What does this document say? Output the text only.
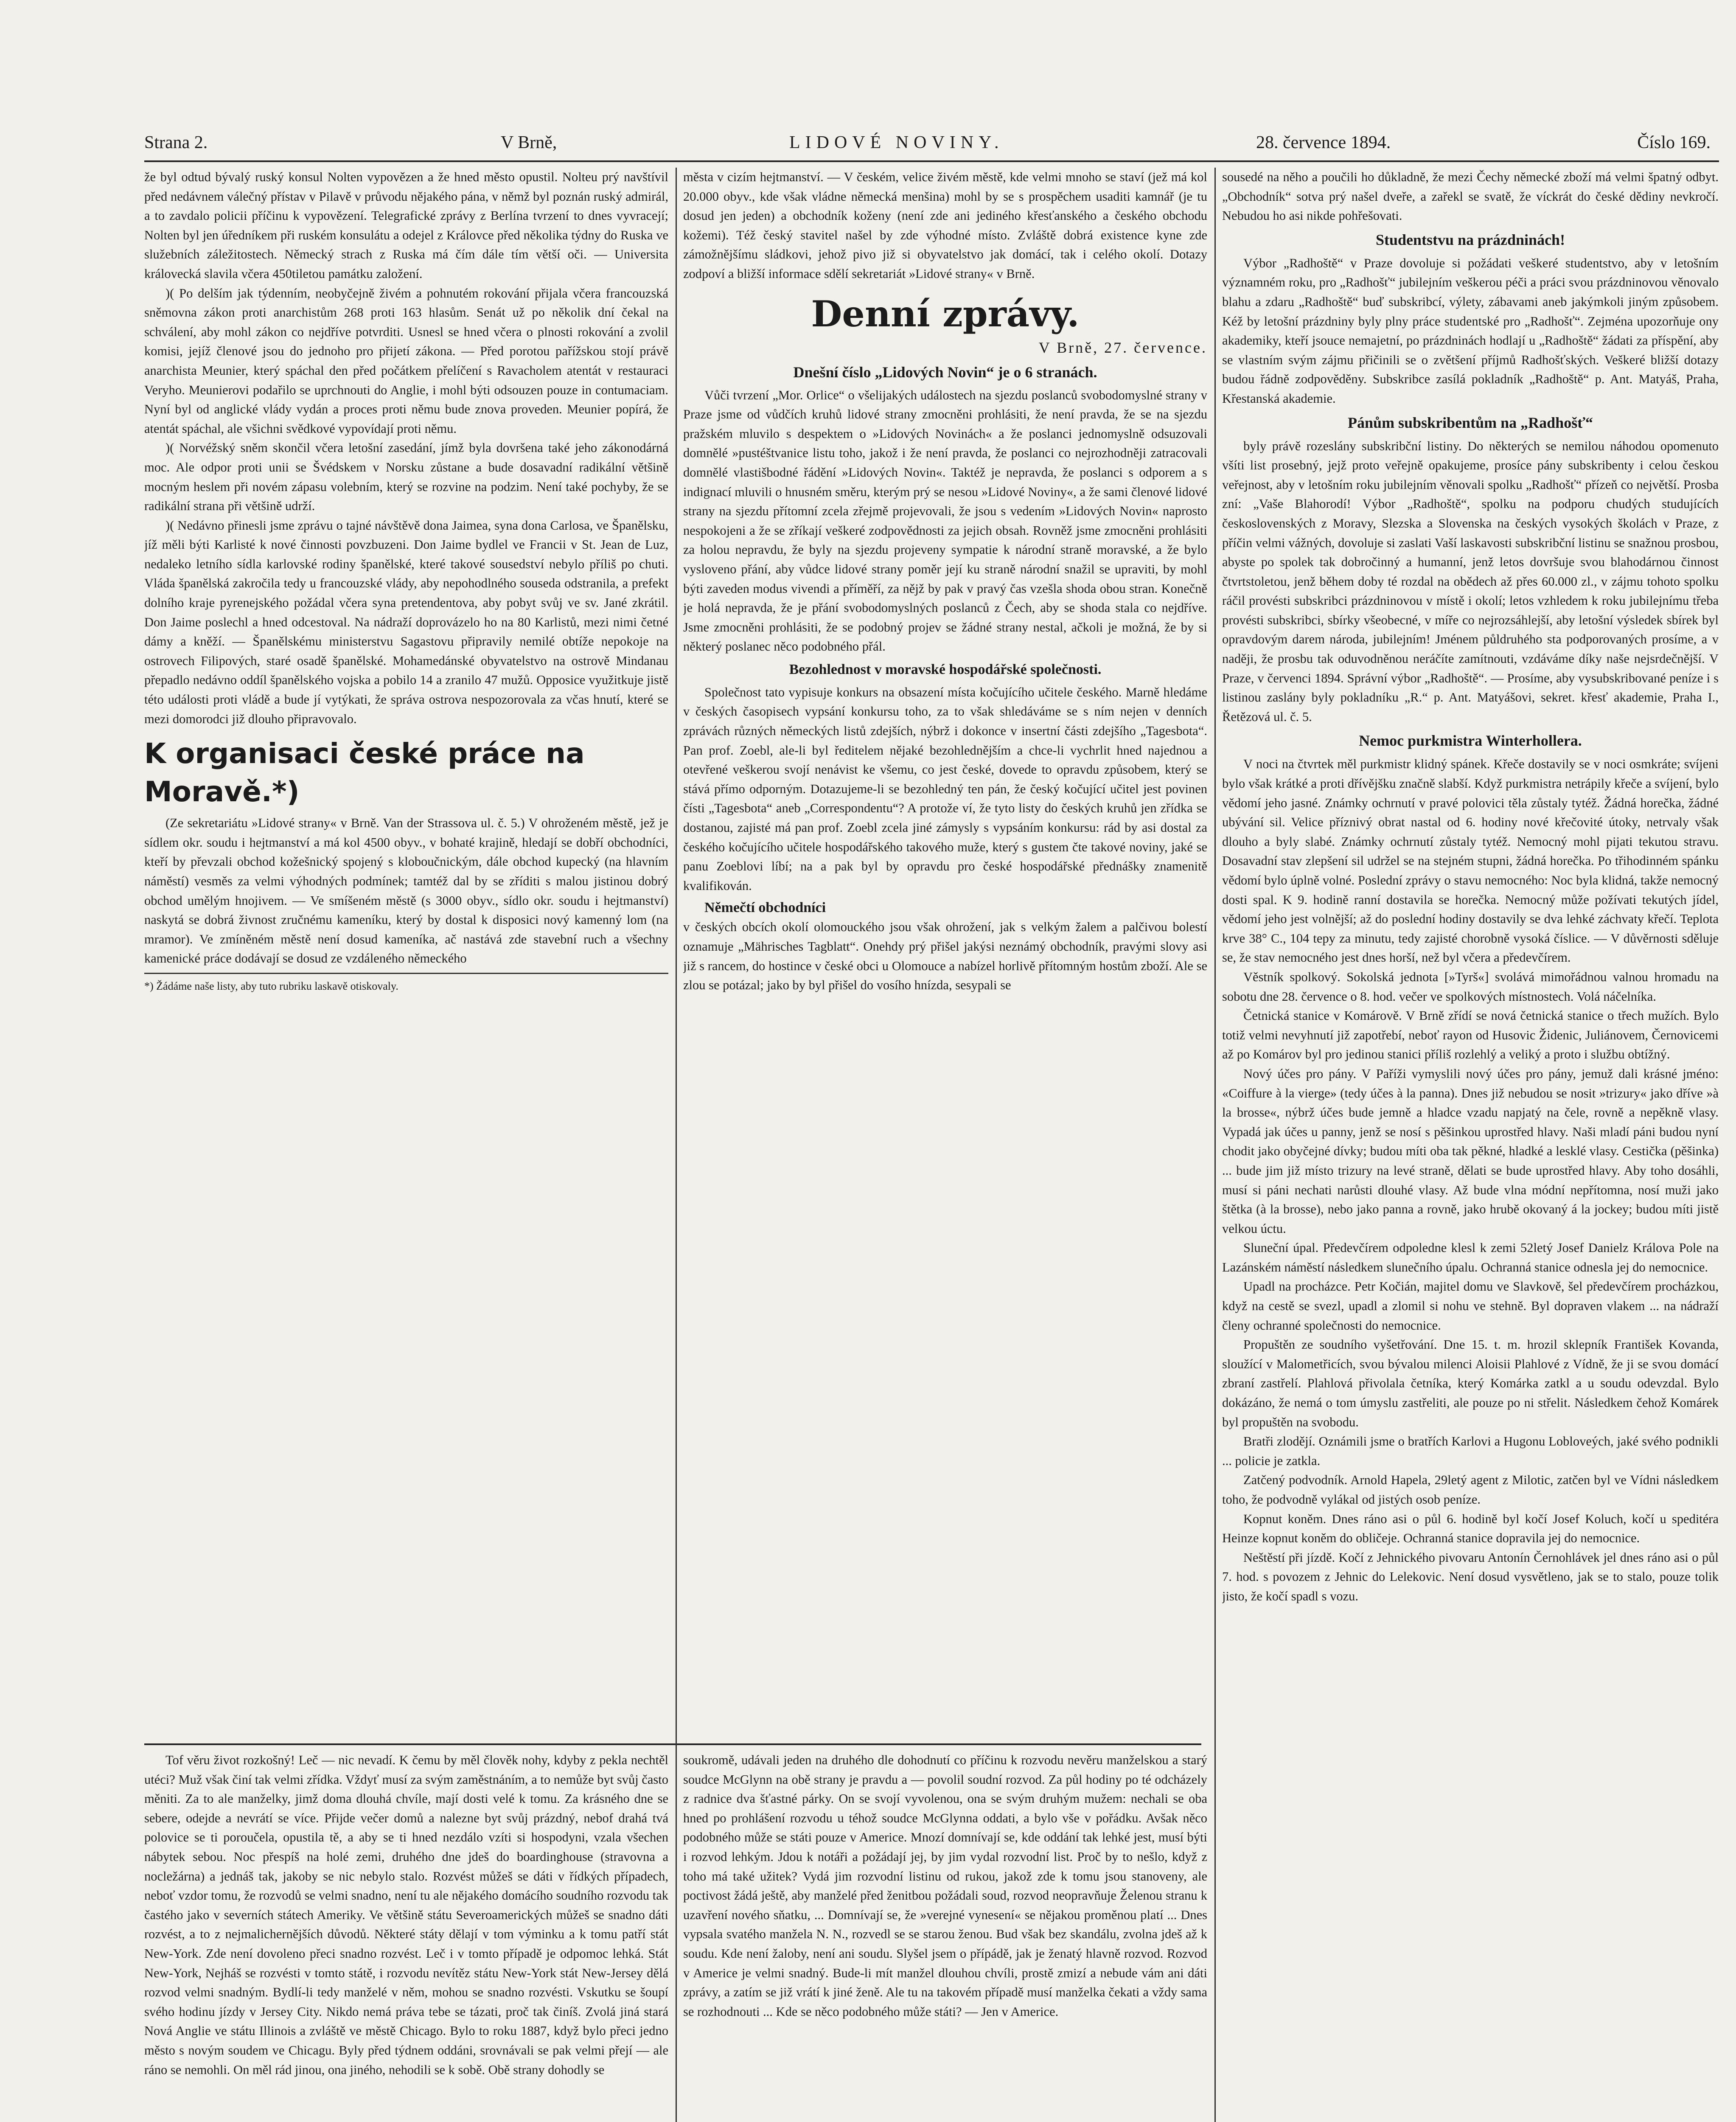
Strana 2.	V Brně,	LIDOVÉ NOVINY.	28. července 1894.	Číslo 169.

že byl odtud bývalý ruský konsul Nolten vypovězen a že hned město opustil. Nolteu prý navštívil před nedávnem válečný přístav v Pilavě v průvodu nějakého pána, v němž byl poznán ruský admirál, a to zavdalo policii příčinu k vypovězení. Telegrafické zprávy z Berlína tvrzení to dnes vyvracejí; Nolten byl jen úředníkem při ruském konsulátu a odejel z Královce před několika týdny do Ruska ve služebních záležitostech. Německý strach z Ruska má čím dále tím větší oči. — Universita královecká slavila včera 450tiletou památku založení.

)( Po delším jak týdenním, neobyčejně živém a pohnutém rokování přijala včera francouzská sněmovna zákon proti anarchistům 268 proti 163 hlasům. Senát už po několik dní čekal na schválení, aby mohl zákon co nejdříve potvrditi. Usnesl se hned včera o plnosti rokování a zvolil komisi, jejíž členové jsou do jednoho pro přijetí zákona. — Před porotou pařížskou stojí právě anarchista Meunier, který spáchal den před počátkem přelíčení s Ravacholem atentát v restauraci Veryho. Meunierovi podařilo se uprchnouti do Anglie, i mohl býti odsouzen pouze in contumaciam. Nyní byl od anglické vlády vydán a proces proti němu bude znova proveden. Meunier popírá, že atentát spáchal, ale všichni svědkové vypovídají proti němu.

)( Norvéžský sněm skončil včera letošní zasedání, jímž byla dovršena také jeho zákonodárná moc. Ale odpor proti unii se Švédskem v Norsku zůstane a bude dosavadní radikální většině mocným heslem při novém zápasu volebním, který se rozvine na podzim. Není také pochyby, že se radikální strana při většině udrží.

)( Nedávno přinesli jsme zprávu o tajné návštěvě dona Jaimea, syna dona Carlosa, ve Španělsku, jíž měli býti Karlisté k nové činnosti povzbuzeni. Don Jaime bydlel ve Francii v St. Jean de Luz, nedaleko letního sídla karlovské rodiny španělské, které takové sousedství nebylo příliš po chuti. Vláda španělská zakročila tedy u francouzské vlády, aby nepohodlného souseda odstranila, a prefekt dolního kraje pyrenejského požádal včera syna pretendentova, aby pobyt svůj ve sv. Jané zkrátil. Don Jaime poslechl a hned odcestoval. Na nádraží doprovázelo ho na 80 Karlistů, mezi nimi četné dámy a kněží. — Španělskému ministerstvu Sagastovu připravily nemilé obtíže nepokoje na ostrovech Filipových, staré osadě španělské. Mohamedánské obyvatelstvo na ostrově Mindanau přepadlo nedávno oddíl španělského vojska a pobilo 14 a zranilo 47 mužů. Opposice využitkuje jistě této události proti vládě a bude jí vytýkati, že správa ostrova nespozorovala za včas hnutí, které se mezi domorodci již dlouho připravovalo.

K organisaci české práce na Moravě.*)

(Ze sekretariátu »Lidové strany« v Brně. Van der Strassova ul. č. 5.) V ohroženém městě, jež je sídlem okr. soudu i hejtmanství a má kol 4500 obyv., v bohaté krajině, hledají se dobří obchodníci, kteří by převzali obchod kožešnický spojený s kloboučnickým, dále obchod kupecký (na hlavním náměstí) vesměs za velmi výhodných podmínek; tamtéž dal by se zříditi s malou jistinou dobrý obchod umělým hnojivem. — Ve smíšeném městě (s 3000 obyv., sídlo okr. soudu i hejtmanství) naskytá se dobrá živnost zručnému kameníku, který by dostal k disposici nový kamenný lom (na mramor). Ve zmíněném městě není dosud kameníka, ač nastává zde stavební ruch a všechny kamenické práce dodávají se dosud ze vzdáleného německého

*) Žádáme naše listy, aby tuto rubriku laskavě otiskovaly.

města v cizím hejtmanství. — V českém, velice živém městě, kde velmi mnoho se staví (jež má kol 20.000 obyv., kde však vládne německá menšina) mohl by se s prospěchem usaditi kamnář (je tu dosud jen jeden) a obchodník koženy (není zde ani jediného křesťanského a českého obchodu kožemi). Též český stavitel našel by zde výhodné místo. Zvláště dobrá existence kyne zde zámožnějšímu sládkovi, jehož pivo již si obyvatelstvo jak domácí, tak i celého okolí. Dotazy zodpoví a bližší informace sdělí sekretariát »Lidové strany« v Brně.

Denní zprávy.
V Brně, 27. července.
Dnešní číslo „Lidových Novin“ je o 6 stranách.

Vůči tvrzení „Mor. Orlice“ o všelijakých událostech na sjezdu poslanců svobodomyslné strany v Praze jsme od vůdčích kruhů lidové strany zmocněni prohlásiti, že není pravda, že se na sjezdu pražském mluvilo s despektem o »Lidových Novinách« a že poslanci jednomyslně odsuzovali domnělé »pustéštvanice listu toho, jakož i že není pravda, že poslanci co nejrozhodněji zatracovali domnělé vlastišbodné řádění »Lidových Novin«. Taktéž je nepravda, že poslanci s odporem a s indignací mluvili o hnusném směru, kterým prý se nesou »Lidové Noviny«, a že sami členové lidové strany na sjezdu přítomní zcela zřejmě projevovali, že jsou s vedením »Lidových Novin« naprosto nespokojeni a že se zříkají veškeré zodpovědnosti za jejich obsah. Rovněž jsme zmocněni prohlásiti za holou nepravdu, že byly na sjezdu projeveny sympatie k národní straně moravské, a že bylo vysloveno přání, aby vůdce lidové strany poměr její ku straně národní snažil se upraviti, by mohl býti zaveden modus vivendi a příměří, za nějž by pak v pravý čas vzešla shoda obou stran. Konečně je holá nepravda, že je přání svobodomyslných poslanců z Čech, aby se shoda stala co nejdříve. Jsme zmocněni prohlásiti, že se podobný projev se žádné strany nestal, ačkoli je možná, že by si některý poslanec něco podobného přál.

Bezohlednost v moravské hospodářské společnosti.

Společnost tato vypisuje konkurs na obsazení místa kočujícího učitele českého. Marně hledáme v českých časopisech vypsání konkursu toho, za to však shledáváme se s ním nejen v denních zprávách různých německých listů zdejších, nýbrž i dokonce v insertní části zdejšího „Tagesbota“. Pan prof. Zoebl, ale-li byl ředitelem nějaké bezohlednějším a chce-li vychrlit hned najednou a otevřené veškerou svojí nenávist ke všemu, co jest české, dovede to opravdu způsobem, který se stává přímo odporným. Dotazujeme-li se bezohledný ten pán, že český kočující učitel jest povinen čísti „Tagesbota“ aneb „Correspondentu“? A protože ví, že tyto listy do českých kruhů jen zřídka se dostanou, zajisté má pan prof. Zoebl zcela jiné zámysly s vypsáním konkursu: rád by asi dostal za českého kočujícího učitele hospodářského takového muže, který s gustem čte takové noviny, jaké se panu Zoeblovi líbí; na a pak byl by opravdu pro české hospodářské přednášky znamenitě kvalifikován.

Němečtí obchodníci

v českých obcích okolí olomouckého jsou však ohrožení, jak s velkým žalem a palčivou bolestí oznamuje „Mährisches Tagblatt“. Onehdy prý přišel jakýsi neznámý obchodník, pravými slovy asi již s rancem, do hostince v české obci u Olomouce a nabízel horlivě přítomným hostům zboží. Ale se zlou se potázal; jako by byl přišel do vosího hnízda, sesypali se

sousedé na něho a poučili ho důkladně, že mezi Čechy německé zboží má velmi špatný odbyt. „Obchodník“ sotva prý našel dveře, a zařekl se svatě, že víckrát do české dědiny nevkročí. Nebudou ho asi nikde pohřešovati.

Studentstvu na prázdninách!

Výbor „Radhoště“ v Praze dovoluje si požádati veškeré studentstvo, aby v letošním významném roku, pro „Radhošť“ jubilejním veškerou péči a práci svou prázdninovou věnovalo blahu a zdaru „Radhoště“ buď subskribcí, výlety, zábavami aneb jakýmkoli jiným způsobem. Kéž by letošní prázdniny byly plny práce studentské pro „Radhošť“. Zejména upozorňuje ony akademiky, kteří jsouce nemajetní, po prázdninách hodlají u „Radhoště“ žádati za příspění, aby se vlastním svým zájmu přičinili se o zvětšení příjmů Radhošťských. Veškeré bližší dotazy budou řádně zodpověděny. Subskribce zasílá pokladník „Radhoště“ p. Ant. Matyáš, Praha, Křestanská akademie.

Pánům subskribentům na „Radhošť“

byly právě rozeslány subskribční listiny. Do některých se nemilou náhodou opomenuto všíti list prosebný, jejž proto veřejně opakujeme, prosíce pány subskribenty i celou českou veřejnost, aby v letošním roku jubilejním věnovali spolku „Radhošť“ přízeň co největší. Prosba zní: „Vaše Blahorodí! Výbor „Radhoště“, spolku na podporu chudých studujících československých z Moravy, Slezska a Slovenska na českých vysokých školách v Praze, z příčin velmi vážných, dovoluje si zaslati Vaší laskavosti subskribční listinu se snažnou prosbou, abyste po spolek tak dobročinný a humanní, jenž letos dovršuje svou blahodárnou činnost čtvrtstoletou, jenž během doby té rozdal na obědech až přes 60.000 zl., v zájmu tohoto spolku ráčil provésti subskribci prázdninovou v místě i okolí; letos vzhledem k roku jubilejnímu třeba provésti subskribci, sbírky všeobecné, v míře co nejrozsáhlejší, aby letošní výsledek sbírek byl opravdovým darem národa, jubilejním! Jménem půldruhého sta podporovaných prosíme, a v naději, že prosbu tak oduvodněnou neráčíte zamítnouti, vzdáváme díky naše nejsrdečnější. V Praze, v červenci 1894. Správní výbor „Radhoště“. — Prosíme, aby vysubskribované peníze i s listinou zaslány byly pokladníku „R.“ p. Ant. Matyášovi, sekret. křesť akademie, Praha I., Řetězová ul. č. 5.

Nemoc purkmistra Winterhollera.

V noci na čtvrtek měl purkmistr klidný spánek. Křeče dostavily se v noci osmkráte; svíjeni bylo však krátké a proti dřívějšku značně slabší. Když purkmistra netrápily křeče a svíjení, bylo vědomí jeho jasné. Známky ochrnutí v pravé polovici těla zůstaly tytéž. Žádná horečka, žádné ubývání sil. Velice příznivý obrat nastal od 6. hodiny nové křečovité útoky, netrvaly však dlouho a byly slabé. Známky ochrnutí zůstaly tytéž. Nemocný mohl pijati tekutou stravu. Dosavadní stav zlepšení sil udržel se na stejném stupni, žádná horečka. Po třihodinném spánku vědomí bylo úplně volné. Poslední zprávy o stavu nemocného: Noc byla klidná, takže nemocný dosti spal. K 9. hodině ranní dostavila se horečka. Nemocný může požívati tekutých jídel, vědomí jeho jest volnější; až do poslední hodiny dostavily se dva lehké záchvaty křečí. Teplota krve 38° C., 104 tepy za minutu, tedy zajisté chorobně vysoká číslice. — V důvěrnosti sděluje se, že stav nemocného jest dnes horší, než byl včera a předevčírem.

Věstník spolkový. Sokolská jednota [»Tyrš«] svolává mimořádnou valnou hromadu na sobotu dne 28. července o 8. hod. večer ve spolkových místnostech. Volá náčelníka.

Četnická stanice v Komárově. V Brně zřídí se nová četnická stanice o třech mužích. Bylo totiž velmi nevyhnutí již zapotřebí, neboť rayon od Husovic Židenic, Juliánovem, Černovicemi až po Komárov byl pro jedinou stanici příliš rozlehlý a veliký a proto i službu obtížný.

Nový účes pro pány. V Paříži vymyslili nový účes pro pány, jemuž dali krásné jméno: «Coiffure à la vierge» (tedy účes à la panna). Dnes již nebudou se nosit »trizury« jako dříve »à la brosse«, nýbrž účes bude jemně a hladce vzadu napjatý na čele, rovně a nepěkně vlasy. Vypadá jak účes u panny, jenž se nosí s pěšinkou uprostřed hlavy. Naši mladí páni budou nyní chodit jako obyčejné dívky; budou míti oba tak pěkné, hladké a lesklé vlasy. Cestička (pěšinka) ... bude jim již místo trizury na levé straně, dělati se bude uprostřed hlavy. Aby toho dosáhli, musí si páni nechati narůsti dlouhé vlasy. Až bude vlna módní nepřítomna, nosí muži jako štětka (à la brosse), nebo jako panna a rovně, jako hrubě okovaný á la jockey; budou míti jistě velkou úctu.

Sluneční úpal. Předevčírem odpoledne klesl k zemi 52letý Josef Danielz Králova Pole na Lazánském náměstí následkem slunečního úpalu. Ochranná stanice odnesla jej do nemocnice.

Upadl na procházce. Petr Kočián, majitel domu ve Slavkově, šel předevčírem procházkou, když na cestě se svezl, upadl a zlomil si nohu ve stehně. Byl dopraven vlakem ... na nádraží členy ochranné společnosti do nemocnice.

Propuštěn ze soudního vyšetřování. Dne 15. t. m. hrozil sklepník František Kovanda, sloužící v Malometřicích, svou bývalou milenci Aloisii Plahlové z Vídně, že ji se svou domácí zbraní zastřelí. Plahlová přivolala četníka, který Komárka zatkl a u soudu odevzdal. Bylo dokázáno, že nemá o tom úmyslu zastřeliti, ale pouze po ni střelit. Následkem čehož Komárek byl propuštěn na svobodu.

Bratři zlodějí. Oznámili jsme o bratřích Karlovi a Hugonu Lobloveých, jaké svého podnikli ... policie je zatkla.

Zatčený podvodník. Arnold Hapela, 29letý agent z Milotic, zatčen byl ve Vídni následkem toho, že podvodně vylákal od jistých osob peníze.

Kopnut koněm. Dnes ráno asi o půl 6. hodině byl kočí Josef Koluch, kočí u speditéra Heinze kopnut koněm do obličeje. Ochranná stanice dopravila jej do nemocnice.

Neštěstí při jízdě. Kočí z Jehnického pivovaru Antonín Černohlávek jel dnes ráno asi o půl 7. hod. s povozem z Jehnic do Lelekovic. Není dosud vysvětleno, jak se to stalo, pouze tolik jisto, že kočí spadl s vozu.

Tof věru život rozkošný! Leč — nic nevadí. K čemu by měl člověk nohy, kdyby z pekla nechtěl utéci? Muž však činí tak velmi zřídka. Vždyť musí za svým zaměstnáním, a to nemůže byt svůj často měniti. Za to ale manželky, jimž doma dlouhá chvíle, mají dosti velé k tomu. Za krásného dne se sebere, odejde a nevrátí se více. Přijde večer domů a nalezne byt svůj prázdný, nebof drahá tvá polovice se ti poroučela, opustila tě, a aby se ti hned nezdálo vzíti si hospodyni, vzala všechen nábytek sebou. Noc přespíš na holé zemi, druhého dne jdeš do boardinghouse (stravovna a nocležárna) a jednáš tak, jakoby se nic nebylo stalo. Rozvést můžeš se dáti v řídkých případech, neboť vzdor tomu, že rozvodů se velmi snadno, není tu ale nějakého domácího soudního rozvodu tak častého jako v severních státech Ameriky. Ve většině státu Severoamerických můžeš se snadno dáti rozvést, a to z nejmalichernějších důvodů. Některé státy dělají v tom výminku a k tomu patří stát New-York. Zde není dovoleno přeci snadno rozvést. Leč i v tomto případě je odpomoc lehká. Stát New-York, Nejháš se rozvésti v tomto státě, i rozvodu nevítěz státu New-York stát New-Jersey dělá rozvod velmi snadným. Bydlí-li tedy manželé v něm, mohou se snadno rozvésti. Vskutku se šoupí svého hodinu jízdy v Jersey City. Nikdo nemá práva tebe se tázati, proč tak činíš. Zvolá jiná stará Nová Anglie ve státu Illinois a zvláště ve městě Chicago. Bylo to roku 1887, když bylo přeci jedno město s novým soudem ve Chicagu. Byly před týdnem oddáni, srovnávali se pak velmi přejí — ale ráno se nemohli. On měl rád jinou, ona jiného, nehodili se k sobě. Obě strany dohodly se

soukromě, udávali jeden na druhého dle dohodnutí co příčinu k rozvodu nevěru manželskou a starý soudce McGlynn na obě strany je pravdu a — povolil soudní rozvod. Za půl hodiny po té odcházely z radnice dva šťastné párky. On se svojí vyvolenou, ona se svým druhým mužem: nechali se oba hned po prohlášení rozvodu u téhož soudce McGlynna oddati, a bylo vše v pořádku. Avšak něco podobného může se státi pouze v Americe. Mnozí domnívají se, kde oddání tak lehké jest, musí býti i rozvod lehkým. Jdou k notáři a požádají jej, by jim vydal rozvodní list. Proč by to nešlo, když z toho má také užitek? Vydá jim rozvodní listinu od rukou, jakož zde k tomu jsou stanoveny, ale poctivost žádá ještě, aby manželé před ženitbou požádali soud, rozvod neopravňuje Želenou stranu k uzavření nového sňatku, ... Domnívají se, že »verejné vynesení« se nějakou proměnou platí ... Dnes vypsala svatého manžela N. N., rozvedl se se starou ženou. Bud však bez skandálu, zvolna jdeš až k soudu. Kde není žaloby, není ani soudu. Slyšel jsem o přípádě, jak je ženatý hlavně rozvod. Rozvod v Americe je velmi snadný. Bude-li mít manžel dlouhou chvíli, prostě zmizí a nebude vám ani dáti zprávy, a zatím se již vrátí k jiné ženě. Ale tu na takovém případě musí manželka čekati a vždy sama se rozhodnouti ... Kde se něco podobného může státi? — Jen v Americe.
